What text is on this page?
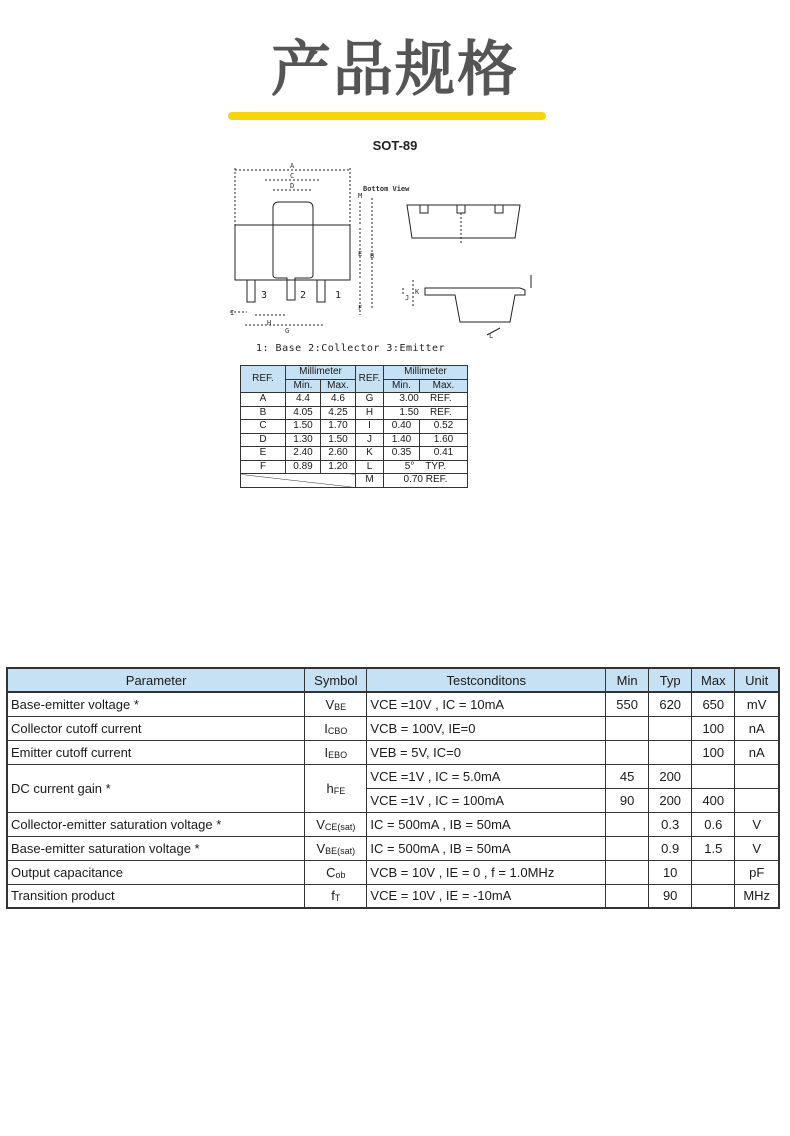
产品规格
SOT-89
A
C
D
M
E B
F
I
H
G
J
K
L
Bottom View
3	2	1
1: Base 2:Collector 3:Emitter
REF.	Millimeter		REF.	Millimeter
	Min.	Max.		Min.	Max.
A	4.4	4.6	G	3.00    REF.	
B	4.05	4.25	H	1.50    REF.	
C	1.50	1.70	I	0.40	0.52
D	1.30	1.50	J	1.40	1.60
E	2.40	2.60	K	0.35	0.41
F	0.89	1.20	L	5°    TYP.	
			M	0.70 REF.	
Parameter	Symbol	Testconditons	Min	Typ	Max	Unit
Base-emitter voltage *	$V_{BE}$	VCE =10V , IC = 10mA	550	620	650	mV
Collector cutoff current	$I_{CBO}$	VCB = 100V, IE=0			100	nA
Emitter cutoff current	$I_{EBO}$	VEB = 5V, IC=0			100	nA
DC current gain *	$h_{FE}$	VCE =1V , IC = 5.0mA	45	200		
		VCE =1V , IC = 100mA	90	200	400	
Collector-emitter saturation voltage *	$V_{CE(sat)}$	IC = 500mA , IB = 50mA		0.3	0.6	V
Base-emitter saturation voltage *	$V_{BE(sat)}$	IC = 500mA , IB = 50mA		0.9	1.5	V
Output capacitance	$C_{ob}$	VCB = 10V , IE = 0 , f = 1.0MHz		10		pF
Transition product	$f_T$	VCE = 10V , IE = -10mA		90		MHz
